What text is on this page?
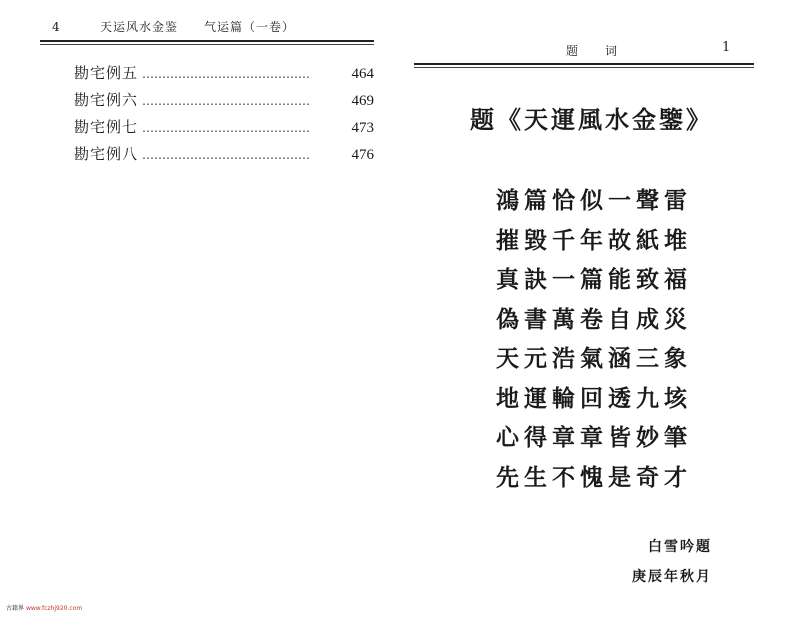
4	天运风水金鉴　　气运篇（一卷）
勘宅例五 ……………………………………	464
勘宅例六 ……………………………………	469
勘宅例七 ……………………………………	473
勘宅例八 ……………………………………	476
题　　词	1
题《天運風水金鑒》
鴻篇恰似一聲雷
摧毀千年故紙堆
真訣一篇能致福
偽書萬卷自成災
天元浩氣涵三象
地運輪回透九垓
心得章章皆妙筆
先生不愧是奇才
白雪吟題
庚辰年秋月
古籍界 www.fczhj920.com
